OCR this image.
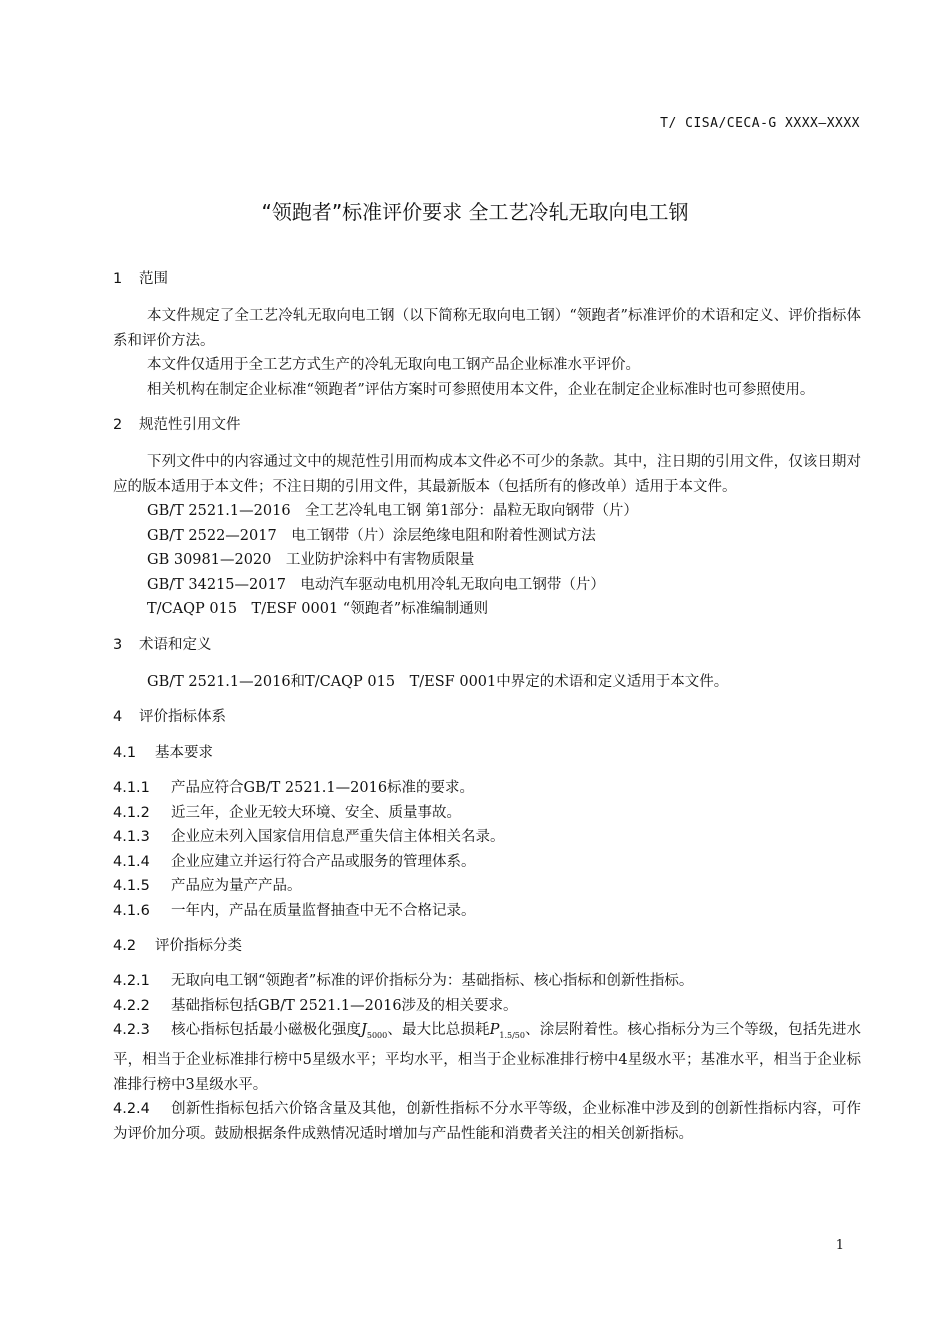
T/ CISA/CECA-G XXXX—XXXX
“领跑者”标准评价要求 全工艺冷轧无取向电工钢
1 范围

本文件规定了全工艺冷轧无取向电工钢（以下简称无取向电工钢）“领跑者”标准评价的术语和定义、评价指标体系和评价方法。

本文件仅适用于全工艺方式生产的冷轧无取向电工钢产品企业标准水平评价。

相关机构在制定企业标准“领跑者”评估方案时可参照使用本文件，企业在制定企业标准时也可参照使用。

2 规范性引用文件

下列文件中的内容通过文中的规范性引用而构成本文件必不可少的条款。其中，注日期的引用文件，仅该日期对应的版本适用于本文件；不注日期的引用文件，其最新版本（包括所有的修改单）适用于本文件。

GB/T 2521.1—2016　全工艺冷轧电工钢 第1部分：晶粒无取向钢带（片）

GB/T 2522—2017　电工钢带（片）涂层绝缘电阻和附着性测试方法

GB 30981—2020　工业防护涂料中有害物质限量

GB/T 34215—2017　电动汽车驱动电机用冷轧无取向电工钢带（片）

T/CAQP 015　T/ESF 0001 “领跑者”标准编制通则

3 术语和定义

GB/T 2521.1—2016和T/CAQP 015　T/ESF 0001中界定的术语和定义适用于本文件。

4 评价指标体系
4.1 基本要求

4.1.1 产品应符合GB/T 2521.1—2016标准的要求。

4.1.2 近三年，企业无较大环境、安全、质量事故。

4.1.3 企业应未列入国家信用信息严重失信主体相关名录。

4.1.4 企业应建立并运行符合产品或服务的管理体系。

4.1.5 产品应为量产产品。

4.1.6 一年内，产品在质量监督抽查中无不合格记录。

4.2 评价指标分类

4.2.1 无取向电工钢“领跑者”标准的评价指标分为：基础指标、核心指标和创新性指标。

4.2.2 基础指标包括GB/T 2521.1—2016涉及的相关要求。

4.2.3 核心指标包括最小磁极化强度$J_{5000}$、最大比总损耗$P_{1.5/50}$、涂层附着性。核心指标分为三个等级，包括先进水平，相当于企业标准排行榜中5星级水平；平均水平，相当于企业标准排行榜中4星级水平；基准水平，相当于企业标准排行榜中3星级水平。

4.2.4 创新性指标包括六价铬含量及其他，创新性指标不分水平等级，企业标准中涉及到的创新性指标内容，可作为评价加分项。鼓励根据条件成熟情况适时增加与产品性能和消费者关注的相关创新指标。

1
